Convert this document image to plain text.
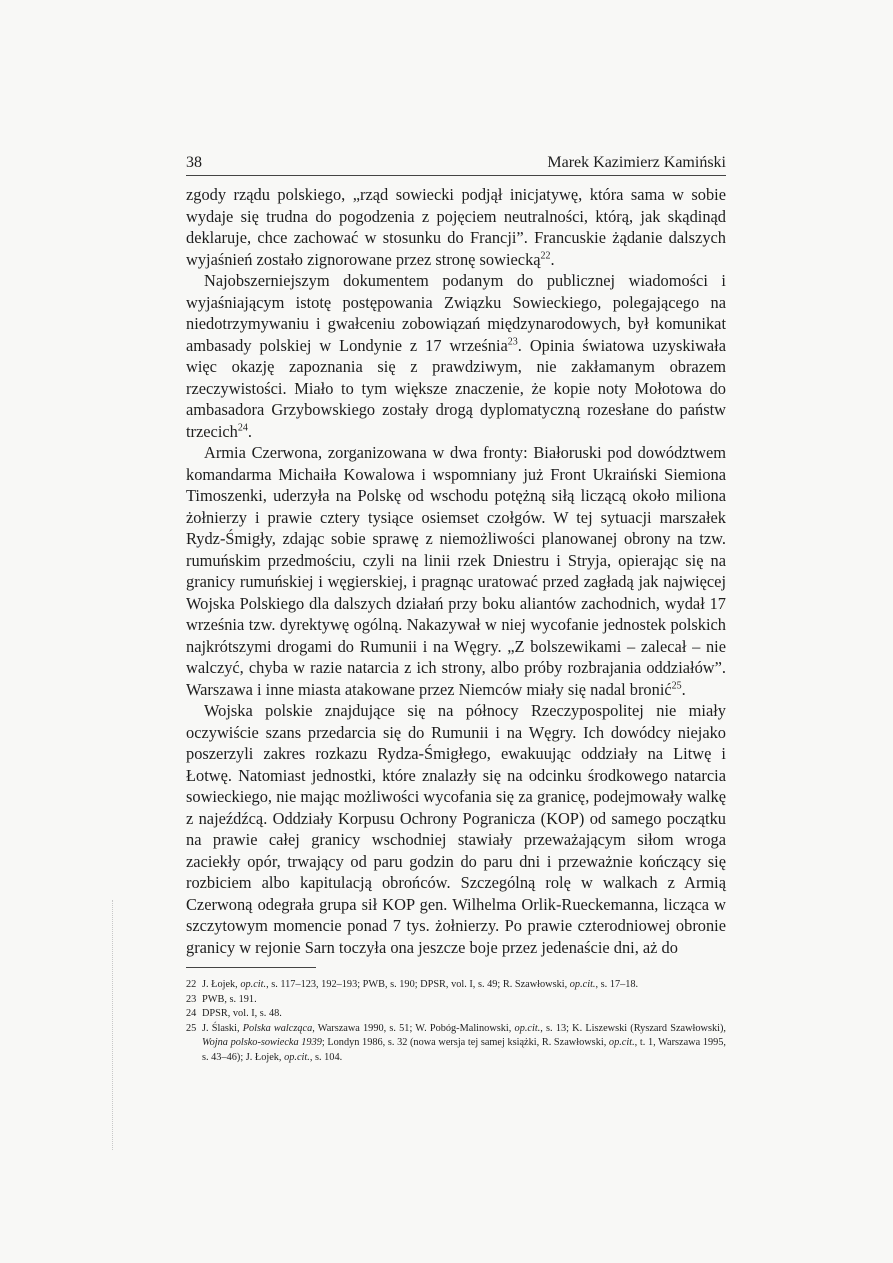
38	Marek Kazimierz Kamiński

zgody rządu polskiego, „rząd sowiecki podjął inicjatywę, która sama w sobie wydaje się trudna do pogodzenia z pojęciem neutralności, którą, jak skądinąd deklaruje, chce zachować w stosunku do Francji”. Francuskie żądanie dalszych wyjaśnień zostało zignorowane przez stronę sowiecką$^{22}$.

Najobszerniejszym dokumentem podanym do publicznej wiadomości i wyjaśniającym istotę postępowania Związku Sowieckiego, polegającego na niedotrzymywaniu i gwałceniu zobowiązań międzynarodowych, był komunikat ambasady polskiej w Londynie z 17 września$^{23}$. Opinia światowa uzyskiwała więc okazję zapoznania się z prawdziwym, nie zakłamanym obrazem rzeczywistości. Miało to tym większe znaczenie, że kopie noty Mołotowa do ambasadora Grzybowskiego zostały drogą dyplomatyczną rozesłane do państw trzecich$^{24}$.

Armia Czerwona, zorganizowana w dwa fronty: Białoruski pod dowództwem komandarma Michaiła Kowalowa i wspomniany już Front Ukraiński Siemiona Timoszenki, uderzyła na Polskę od wschodu potężną siłą liczącą około miliona żołnierzy i prawie cztery tysiące osiemset czołgów. W tej sytuacji marszałek Rydz-Śmigły, zdając sobie sprawę z niemożliwości planowanej obrony na tzw. rumuńskim przedmościu, czyli na linii rzek Dniestru i Stryja, opierając się na granicy rumuńskiej i węgierskiej, i pragnąc uratować przed zagładą jak najwięcej Wojska Polskiego dla dalszych działań przy boku aliantów zachodnich, wydał 17 września tzw. dyrektywę ogólną. Nakazywał w niej wycofanie jednostek polskich najkrótszymi drogami do Rumunii i na Węgry. „Z bolszewikami – zalecał – nie walczyć, chyba w razie natarcia z ich strony, albo próby rozbrajania oddziałów”. Warszawa i inne miasta atakowane przez Niemców miały się nadal bronić$^{25}$.

Wojska polskie znajdujące się na północy Rzeczypospolitej nie miały oczywiście szans przedarcia się do Rumunii i na Węgry. Ich dowódcy niejako poszerzyli zakres rozkazu Rydza-Śmigłego, ewakuując oddziały na Litwę i Łotwę. Natomiast jednostki, które znalazły się na odcinku środkowego natarcia sowieckiego, nie mając możliwości wycofania się za granicę, podejmowały walkę z najeźdźcą. Oddziały Korpusu Ochrony Pogranicza (KOP) od samego początku na prawie całej granicy wschodniej stawiały przeważającym siłom wroga zaciekły opór, trwający od paru godzin do paru dni i przeważnie kończący się rozbiciem albo kapitulacją obrońców. Szczególną rolę w walkach z Armią Czerwoną odegrała grupa sił KOP gen. Wilhelma Orlik-Rueckemanna, licząca w szczytowym momencie ponad 7 tys. żołnierzy. Po prawie czterodniowej obronie granicy w rejonie Sarn toczyła ona jeszcze boje przez jedenaście dni, aż do

22 J. Łojek, op.cit., s. 117–123, 192–193; PWB, s. 190; DPSR, vol. I, s. 49; R. Szawłowski, op.cit., s. 17–18.
23 PWB, s. 191.
24 DPSR, vol. I, s. 48.
25 J. Ślaski, Polska walcząca, Warszawa 1990, s. 51; W. Pobóg-Malinowski, op.cit., s. 13; K. Liszewski (Ryszard Szawłowski), Wojna polsko-sowiecka 1939; Londyn 1986, s. 32 (nowa wersja tej samej książki, R. Szawłowski, op.cit., t. 1, Warszawa 1995, s. 43–46); J. Łojek, op.cit., s. 104.
